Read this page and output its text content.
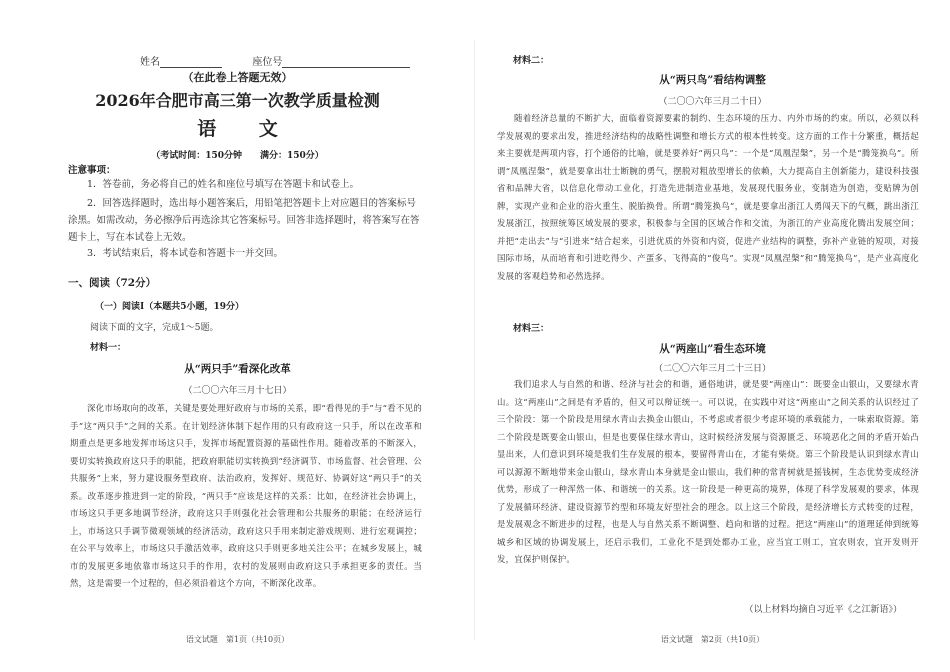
姓名	座位号
（在此卷上答题无效）
2026年合肥市高三第一次教学质量检测
语 文
（考试时间：150分钟　　满分：150分）
注意事项：
1．答卷前，务必将自己的姓名和座位号填写在答题卡和试卷上。
2．回答选择题时，选出每小题答案后，用铅笔把答题卡上对应题目的答案标号涂黑。如需改动，务必擦净后再选涂其它答案标号。回答非选择题时，将答案写在答题卡上，写在本试卷上无效。
3．考试结束后，将本试卷和答题卡一并交回。
一、阅读（72分）
（一）阅读Ⅰ（本题共5小题，19分）
阅读下面的文字，完成1～5题。
材料一：
从“两只手”看深化改革
（二〇〇六年三月十七日）
深化市场取向的改革，关键是要处理好政府与市场的关系，即“看得见的手”与“看不见的手”这“两只手”之间的关系。在计划经济体制下起作用的只有政府这一只手，所以在改革和期重点是更多地发挥市场这只手，发挥市场配置资源的基础性作用。随着改革的不断深入，要切实转换政府这只手的职能，把政府职能切实转换到“经济调节、市场监督、社会管理、公共服务”上来，努力建设服务型政府、法治政府，发挥好、规范好、协调好这“两只手”的关系。改革逐步推进到一定的阶段，“两只手”应该是这样的关系：比如，在经济社会协调上，市场这只手更多地调节经济，政府这只手则强化社会管理和公共服务的职能；在经济运行上，市场这只手调节微观领域的经济活动，政府这只手用来制定游戏规则、进行宏观调控；在公平与效率上，市场这只手激活效率，政府这只手则更多地关注公平；在城乡发展上，城市的发展更多地依靠市场这只手的作用，农村的发展则由政府这只手承担更多的责任。当然，这是需要一个过程的，但必须沿着这个方向，不断深化改革。
语文试题　第1页（共10页）
材料二：
从“两只鸟”看结构调整
（二〇〇六年三月二十日）
随着经济总量的不断扩大，面临着资源要素的制约、生态环境的压力、内外市场的约束。所以，必须以科学发展观的要求出发，推进经济结构的战略性调整和增长方式的根本性转变。这方面的工作十分繁重，概括起来主要就是两项内容，打个通俗的比喻，就是要养好“两只鸟”：一个是“凤凰涅槃”，另一个是“腾笼换鸟”。所谓“凤凰涅槃”，就是要拿出壮士断腕的勇气，摆脱对粗放型增长的依赖，大力提高自主创新能力，建设科技强省和品牌大省，以信息化带动工业化，打造先进制造业基地，发展现代服务业，变制造为创造，变贴牌为创牌，实现产业和企业的浴火重生、脱胎换骨。所谓“腾笼换鸟”，就是要拿出浙江人勇闯天下的气概，跳出浙江发展浙江，按照统筹区域发展的要求，积极参与全国的区域合作和交流，为浙江的产业高度化腾出发展空间；并把“走出去”与“引进来”结合起来，引进优质的外资和内资，促进产业结构的调整，弥补产业链的短项，对接国际市场，从而培育和引进吃得少、产蛋多、飞得高的“俊鸟”。实现“凤凰涅槃”和“腾笼换鸟”，是产业高度化发展的客观趋势和必然选择。
材料三：
从“两座山”看生态环境
（二〇〇六年三月二十三日）
我们追求人与自然的和谐、经济与社会的和谐，通俗地讲，就是要“两座山”：既要金山银山，又要绿水青山。这“两座山”之间是有矛盾的，但又可以辩证统一。可以说，在实践中对这“两座山”之间关系的认识经过了三个阶段：第一个阶段是用绿水青山去换金山银山，不考虑或者很少考虑环境的承载能力，一味索取资源。第二个阶段是既要金山银山，但是也要保住绿水青山，这时候经济发展与资源匮乏、环境恶化之间的矛盾开始凸显出来，人们意识到环境是我们生存发展的根本，要留得青山在，才能有柴烧。第三个阶段是认识到绿水青山可以源源不断地带来金山银山，绿水青山本身就是金山银山，我们种的常青树就是摇钱树，生态优势变成经济优势，形成了一种浑然一体、和谐统一的关系。这一阶段是一种更高的境界，体现了科学发展观的要求，体现了发展循环经济、建设资源节约型和环境友好型社会的理念。以上这三个阶段，是经济增长方式转变的过程，是发展观念不断进步的过程，也是人与自然关系不断调整、趋向和谐的过程。把这“两座山”的道理延伸到统筹城乡和区域的协调发展上，还启示我们，工业化不是到处都办工业，应当宜工则工，宜农则农，宜开发则开发，宜保护则保护。
（以上材料均摘自习近平《之江新语》）
语文试题　第2页（共10页）
